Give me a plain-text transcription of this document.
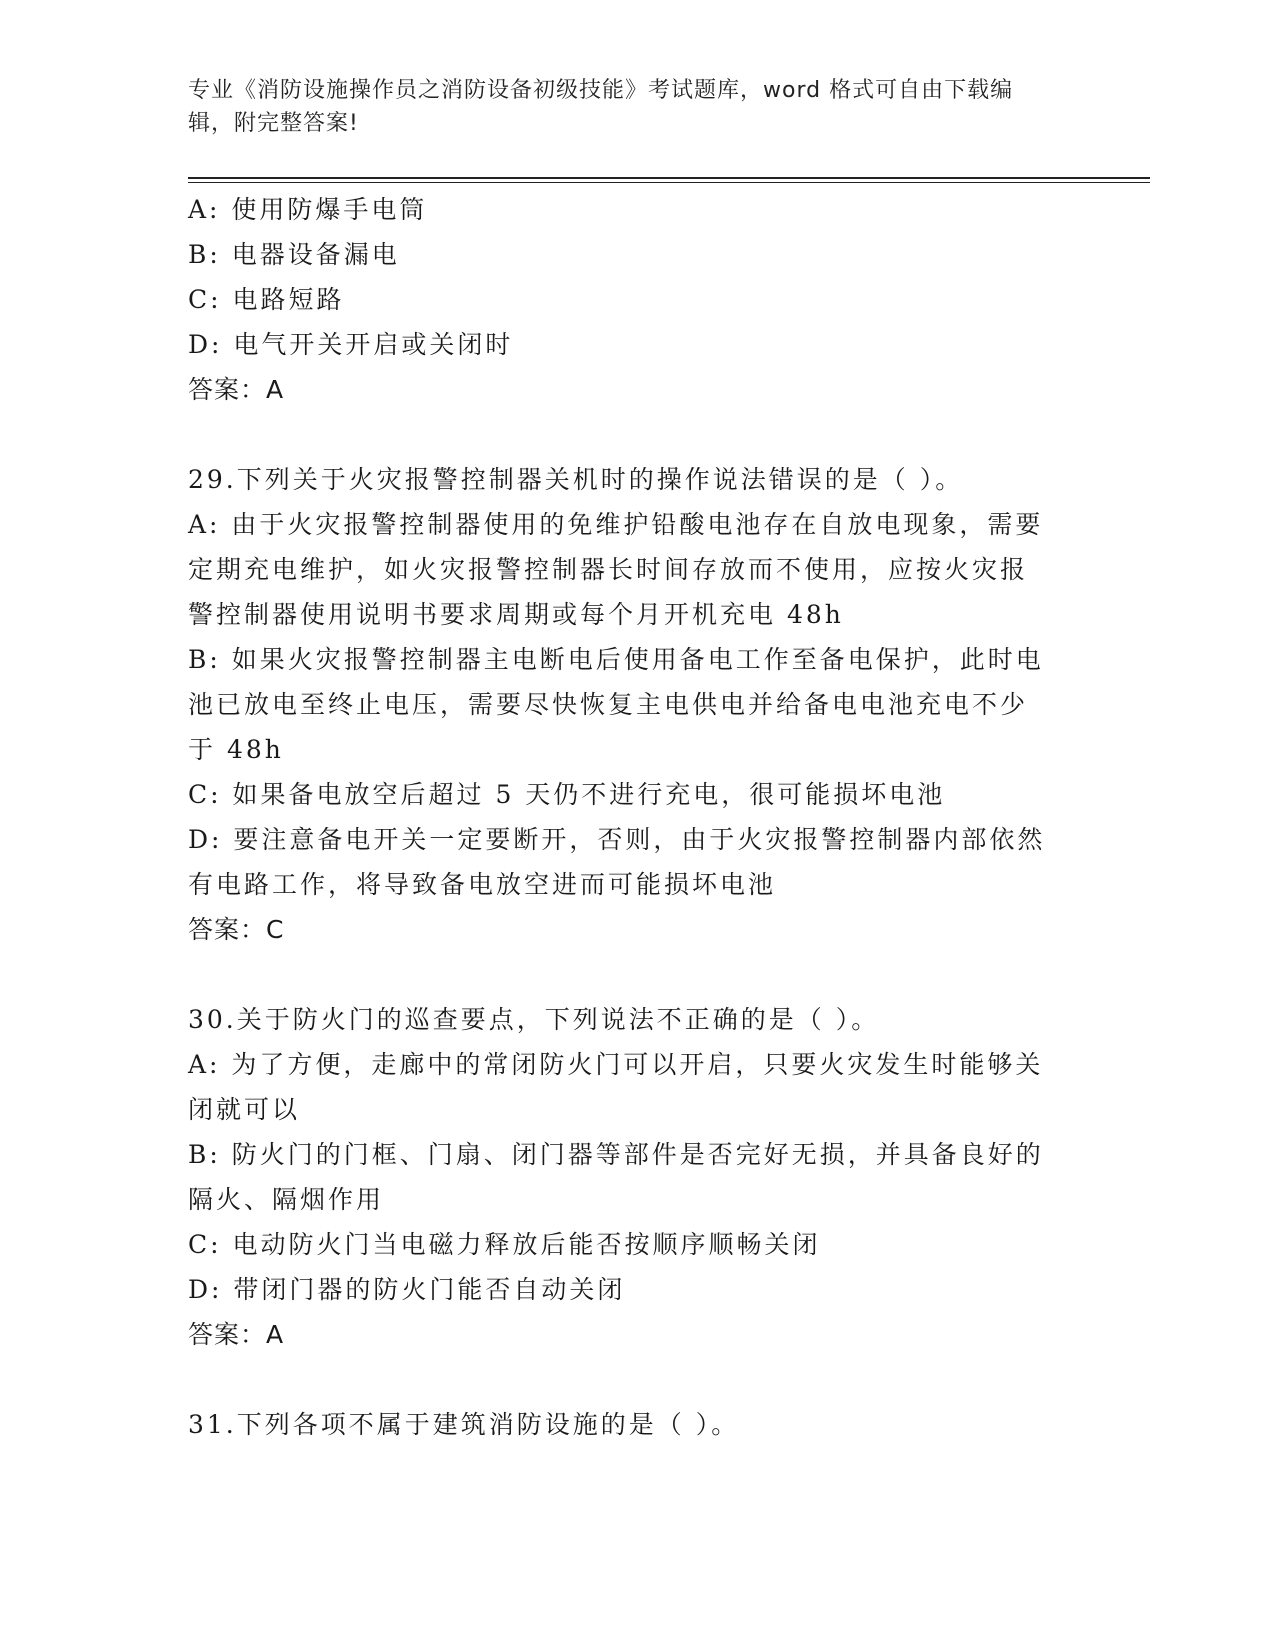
专业《消防设施操作员之消防设备初级技能》考试题库，word 格式可自由下载编
辑，附完整答案!

A: 使用防爆手电筒

B: 电器设备漏电

C: 电路短路

D: 电气开关开启或关闭时

答案：A

29.下列关于火灾报警控制器关机时的操作说法错误的是（ ）。

A: 由于火灾报警控制器使用的免维护铅酸电池存在自放电现象，需要

定期充电维护，如火灾报警控制器长时间存放而不使用，应按火灾报

警控制器使用说明书要求周期或每个月开机充电 48h

B: 如果火灾报警控制器主电断电后使用备电工作至备电保护，此时电

池已放电至终止电压，需要尽快恢复主电供电并给备电电池充电不少

于 48h

C: 如果备电放空后超过 5 天仍不进行充电，很可能损坏电池

D: 要注意备电开关一定要断开，否则，由于火灾报警控制器内部依然

有电路工作，将导致备电放空进而可能损坏电池

答案：C

30.关于防火门的巡查要点，下列说法不正确的是（ ）。

A: 为了方便，走廊中的常闭防火门可以开启，只要火灾发生时能够关

闭就可以

B: 防火门的门框、门扇、闭门器等部件是否完好无损，并具备良好的

隔火、隔烟作用

C: 电动防火门当电磁力释放后能否按顺序顺畅关闭

D: 带闭门器的防火门能否自动关闭

答案：A

31.下列各项不属于建筑消防设施的是（ ）。
